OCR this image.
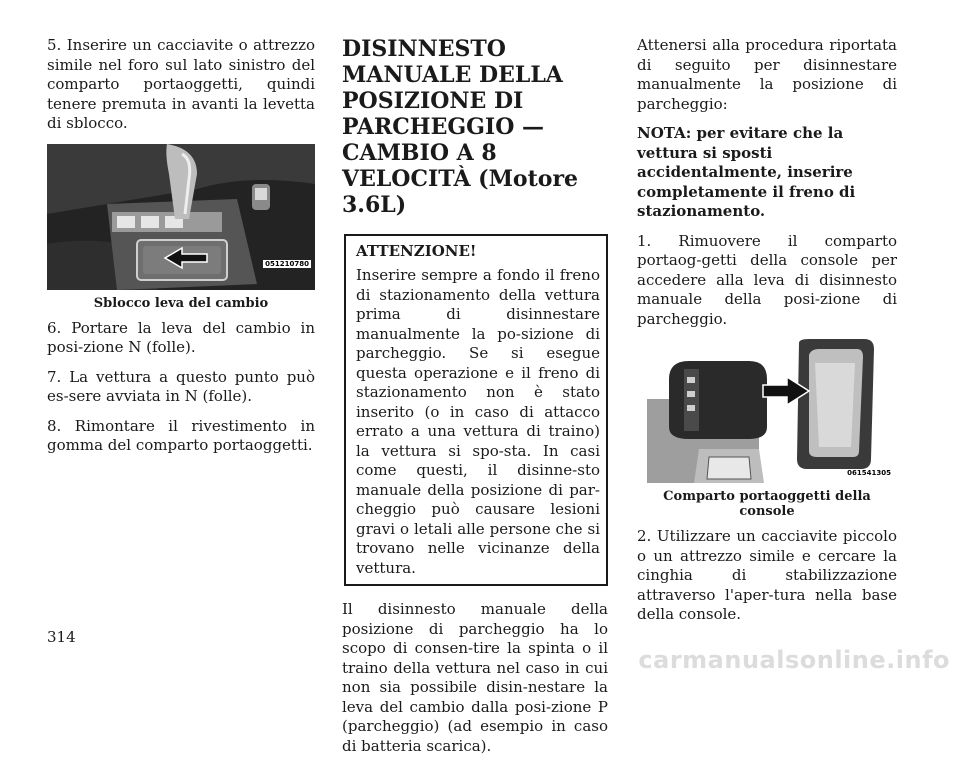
5. Inserire un cacciavite o attrezzo simile nel foro sul lato sinistro del comparto portaoggetti, quindi tenere premuta in avanti la levetta di sblocco.

051210780
Sblocco leva del cambio

6. Portare la leva del cambio in posi-zione N (folle).

7. La vettura a questo punto può es-sere avviata in N (folle).

8. Rimontare il rivestimento in gomma del comparto portaoggetti.

DISINNESTO MANUALE DELLA POSIZIONE DI PARCHEGGIO — CAMBIO A 8 VELOCITÀ (Motore 3.6L)
ATTENZIONE!

Inserire sempre a fondo il freno di stazionamento della vettura prima di disinnestare manualmente la po-sizione di parcheggio. Se si esegue questa operazione e il freno di stazionamento non è stato inserito (o in caso di attacco errato a una vettura di traino) la vettura si spo-sta. In casi come questi, il disinne-sto manuale della posizione di par-cheggio può causare lesioni gravi o letali alle persone che si trovano nelle vicinanze della vettura.

Il disinnesto manuale della posizione di parcheggio ha lo scopo di consen-tire la spinta o il traino della vettura nel caso in cui non sia possibile disin-nestare la leva del cambio dalla posi-zione P (parcheggio) (ad esempio in caso di batteria scarica).

Attenersi alla procedura riportata di seguito per disinnestare manualmente la posizione di parcheggio:

NOTA: per evitare che la vettura si sposti accidentalmente, inserire completamente il freno di stazionamento.

1. Rimuovere il comparto portaog-getti della console per accedere alla leva di disinnesto manuale della posi-zione di parcheggio.

061541305
Comparto portaoggetti della console

2. Utilizzare un cacciavite piccolo o un attrezzo simile e cercare la cinghia di stabilizzazione attraverso l'aper-tura nella base della console.

314
carmanualsonline.info
